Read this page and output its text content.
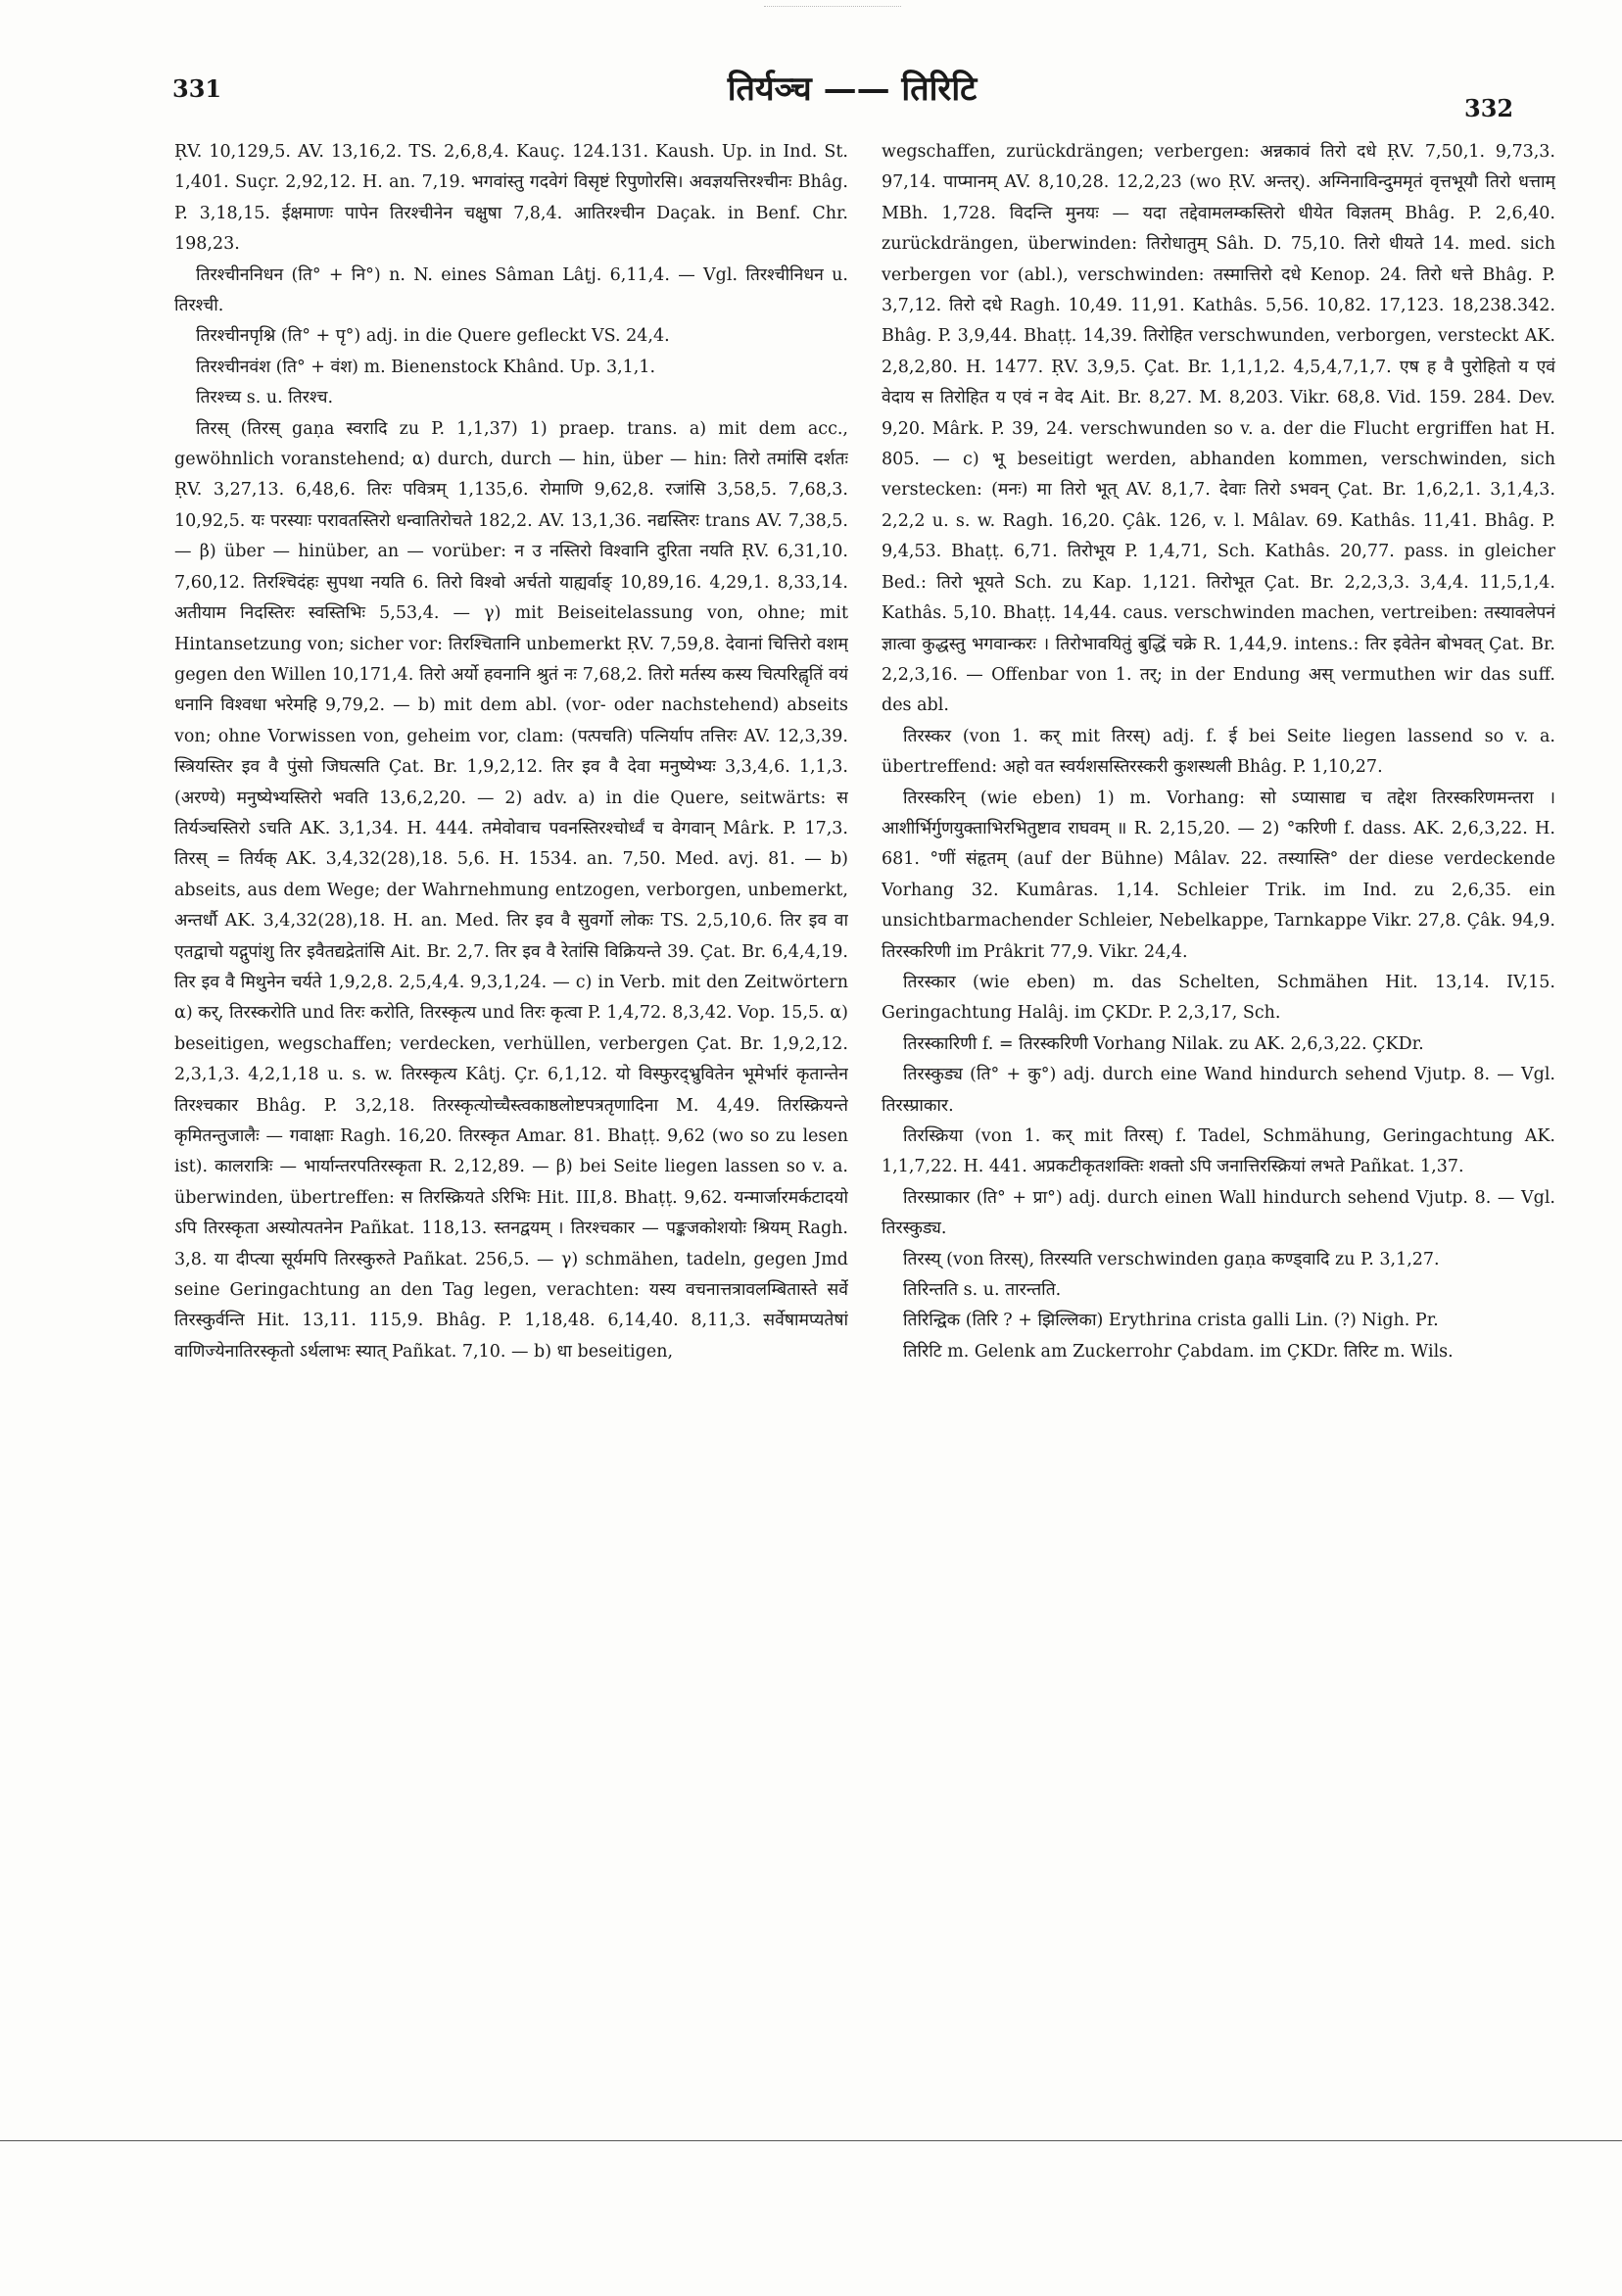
331	तिर्यञ्च —— तिरिटि	332

ṚV. 10,129,5. AV. 13,16,2. TS. 2,6,8,4. Kauç. 124.131. Kaush. Up. in Ind. St. 1,401. Suçr. 2,92,12. H. an. 7,19. भगवांस्तु गदवेगं विसृष्टं रिपुणोरसि। अवज्ञयत्तिरश्चीनः Bhâg. P. 3,18,15. ईक्षमाणः पापेन तिरश्चीनेन चक्षुषा 7,8,4. आतिरश्चीन Daçak. in Benf. Chr. 198,23.

तिरश्चीननिधन (ति° + नि°) n. N. eines Sâman Lâṭj. 6,11,4. — Vgl. तिरश्चीनिधन u. तिरश्ची.

तिरश्चीनपृश्नि (ति° + पृ°) adj. in die Quere gefleckt VS. 24,4.

तिरश्चीनवंश (ति° + वंश) m. Bienenstock Khând. Up. 3,1,1.

तिरश्च्य s. u. तिरश्च.

तिरस् (तिरस् gaṇa स्वरादि zu P. 1,1,37) 1) praep. trans. a) mit dem acc., gewöhnlich voranstehend; α) durch, durch — hin, über — hin: तिरो तमांसि दर्शतः ṚV. 3,27,13. 6,48,6. तिरः पवित्रम् 1,135,6. रोमाणि 9,62,8. रजांसि 3,58,5. 7,68,3. 10,92,5. यः परस्याः परावतस्तिरो धन्वातिरोचते 182,2. AV. 13,1,36. नद्यस्तिरः trans AV. 7,38,5. — β) über — hinüber, an — vorüber: न उ नस्तिरो विश्वानि दुरिता नयति ṚV. 6,31,10. 7,60,12. तिरश्चिदंहः सुपथा नयति 6. तिरो विश्वो अर्चतो याह्यर्वाङ् 10,89,16. 4,29,1. 8,33,14. अतीयाम निदस्तिरः स्वस्तिभिः 5,53,4. — γ) mit Beiseitelassung von, ohne; mit Hintansetzung von; sicher vor: तिरश्चितानि unbemerkt ṚV. 7,59,8. देवानां चित्तिरो वशम् gegen den Willen 10,171,4. तिरो अर्यो हवनानि श्रुतं नः 7,68,2. तिरो मर्तस्य कस्य चित्परिह्वृतिं वयं धनानि विश्वधा भरेमहि 9,79,2. — b) mit dem abl. (vor- oder nachstehend) abseits von; ohne Vorwissen von, geheim vor, clam: (पत्पचति) पत्निर्याप तत्तिरः AV. 12,3,39. स्त्रियस्तिर इव वै पुंसो जिघत्सति Çat. Br. 1,9,2,12. तिर इव वै देवा मनुष्येभ्यः 3,3,4,6. 1,1,3. (अरण्ये) मनुष्येभ्यस्तिरो भवति 13,6,2,20. — 2) adv. a) in die Quere, seitwärts: स तिर्यञ्चस्तिरो ऽचति AK. 3,1,34. H. 444. तमेवोवाच पवनस्तिरश्चोर्ध्वं च वेगवान् Mârk. P. 17,3. तिरस् = तिर्यक् AK. 3,4,32(28),18. 5,6. H. 1534. an. 7,50. Med. avj. 81. — b) abseits, aus dem Wege; der Wahrnehmung entzogen, verborgen, unbemerkt, अन्तर्धौ AK. 3,4,32(28),18. H. an. Med. तिर इव वै सुवर्गो लोकः TS. 2,5,10,6. तिर इव वा एतद्वाचो यद्गुपांशु तिर इवैतद्यद्रेतांसि Ait. Br. 2,7. तिर इव वै रेतांसि विक्रियन्ते 39. Çat. Br. 6,4,4,19. तिर इव वै मिथुनेन चर्यते 1,9,2,8. 2,5,4,4. 9,3,1,24. — c) in Verb. mit den Zeitwörtern α) कर्, तिरस्करोति und तिरः करोति, तिरस्कृत्य und तिरः कृत्वा P. 1,4,72. 8,3,42. Vop. 15,5. α) beseitigen, wegschaffen; verdecken, verhüllen, verbergen Çat. Br. 1,9,2,12. 2,3,1,3. 4,2,1,18 u. s. w. तिरस्कृत्य Kâtj. Çr. 6,1,12. यो विस्फुरद्भ्रुवितेन भूमेर्भारं कृतान्तेन तिरश्चकार Bhâg. P. 3,2,18. तिरस्कृत्योच्चैस्त्वकाष्ठलोष्टपत्रतृणादिना M. 4,49. तिरस्क्रियन्ते कृमितन्तुजालैः — गवाक्षाः Ragh. 16,20. तिरस्कृत Amar. 81. Bhaṭṭ. 9,62 (wo so zu lesen ist). कालरात्रिः — भार्यान्तरपतिरस्कृता R. 2,12,89. — β) bei Seite liegen lassen so v. a. überwinden, übertreffen: स तिरस्क्रियते ऽरिभिः Hit. III,8. Bhaṭṭ. 9,62. यन्मार्जारमर्कटादयो ऽपि तिरस्कृता अस्योत्पतनेन Pañkat. 118,13. स्तनद्वयम् । तिरश्चकार — पङ्कजकोशयोः श्रियम् Ragh. 3,8. या दीप्त्या सूर्यमपि तिरस्कुरुते Pañkat. 256,5. — γ) schmähen, tadeln, gegen Jmd seine Geringachtung an den Tag legen, verachten: यस्य वचनात्तत्रावलम्बितास्ते सर्वे तिरस्कुर्वन्ति Hit. 13,11. 115,9. Bhâg. P. 1,18,48. 6,14,40. 8,11,3. सर्वेषामप्यतेषां वाणिज्येनातिरस्कृतो ऽर्थलाभः स्यात् Pañkat. 7,10. — b) धा beseitigen,

wegschaffen, zurückdrängen; verbergen: अन्नकावं तिरो दधे ṚV. 7,50,1. 9,73,3. 97,14. पाप्मानम् AV. 8,10,28. 12,2,23 (wo ṚV. अन्तर्). अग्निनाविन्दुममृतं वृत्तभूयौ तिरो धत्ताम् MBh. 1,728. विदन्ति मुनयः — यदा तद्देवामलम्कस्तिरो धीयेत विज्ञतम् Bhâg. P. 2,6,40. zurückdrängen, überwinden: तिरोधातुम् Sâh. D. 75,10. तिरो धीयते 14. med. sich verbergen vor (abl.), verschwinden: तस्मात्तिरो दधे Kenop. 24. तिरो धत्ते Bhâg. P. 3,7,12. तिरो दधे Ragh. 10,49. 11,91. Kathâs. 5,56. 10,82. 17,123. 18,238.342. Bhâg. P. 3,9,44. Bhaṭṭ. 14,39. तिरोहित verschwunden, verborgen, versteckt AK. 2,8,2,80. H. 1477. ṚV. 3,9,5. Çat. Br. 1,1,1,2. 4,5,4,7,1,7. एष ह वै पुरोहितो य एवं वेदाय स तिरोहित य एवं न वेद Ait. Br. 8,27. M. 8,203. Vikr. 68,8. Vid. 159. 284. Dev. 9,20. Mârk. P. 39, 24. verschwunden so v. a. der die Flucht ergriffen hat H. 805. — c) भू beseitigt werden, abhanden kommen, verschwinden, sich verstecken: (मनः) मा तिरो भूत् AV. 8,1,7. देवाः तिरो ऽभवन् Çat. Br. 1,6,2,1. 3,1,4,3. 2,2,2 u. s. w. Ragh. 16,20. Çâk. 126, v. l. Mâlav. 69. Kathâs. 11,41. Bhâg. P. 9,4,53. Bhaṭṭ. 6,71. तिरोभूय P. 1,4,71, Sch. Kathâs. 20,77. pass. in gleicher Bed.: तिरो भूयते Sch. zu Kap. 1,121. तिरोभूत Çat. Br. 2,2,3,3. 3,4,4. 11,5,1,4. Kathâs. 5,10. Bhaṭṭ. 14,44. caus. verschwinden machen, vertreiben: तस्यावलेपनं ज्ञात्वा कुद्धस्तु भगवान्करः । तिरोभावयितुं बुद्धिं चक्रे R. 1,44,9. intens.: तिर इवेतेन बोभवत् Çat. Br. 2,2,3,16. — Offenbar von 1. तर्; in der Endung अस् vermuthen wir das suff. des abl.

तिरस्कर (von 1. कर् mit तिरस्) adj. f. ई bei Seite liegen lassend so v. a. übertreffend: अहो वत स्वर्यशसस्तिरस्करी कुशस्थली Bhâg. P. 1,10,27.

तिरस्करिन् (wie eben) 1) m. Vorhang: सो ऽप्यासाद्य च तद्देश तिरस्करिणमन्तरा । आशीर्भिर्गुणयुक्ताभिरभितुष्टाव राघवम् ॥ R. 2,15,20. — 2) °करिणी f. dass. AK. 2,6,3,22. H. 681. °णीं संहृतम् (auf der Bühne) Mâlav. 22. तस्यास्ति° der diese verdeckende Vorhang 32. Kumâras. 1,14. Schleier Trik. im Ind. zu 2,6,35. ein unsichtbarmachender Schleier, Nebelkappe, Tarnkappe Vikr. 27,8. Çâk. 94,9. तिरस्करिणी im Prâkrit 77,9. Vikr. 24,4.

तिरस्कार (wie eben) m. das Schelten, Schmähen Hit. 13,14. IV,15. Geringachtung Halâj. im ÇKDr. P. 2,3,17, Sch.

तिरस्कारिणी f. = तिरस्करिणी Vorhang Nilak. zu AK. 2,6,3,22. ÇKDr.

तिरस्कुड्य (ति° + कु°) adj. durch eine Wand hindurch sehend Vjutp. 8. — Vgl. तिरस्प्राकार.

तिरस्क्रिया (von 1. कर् mit तिरस्) f. Tadel, Schmähung, Geringachtung AK. 1,1,7,22. H. 441. अप्रकटीकृतशक्तिः शक्तो ऽपि जनात्तिरस्क्रियां लभते Pañkat. 1,37.

तिरस्प्राकार (ति° + प्रा°) adj. durch einen Wall hindurch sehend Vjutp. 8. — Vgl. तिरस्कुड्य.

तिरस्य् (von तिरस्), तिरस्यति verschwinden gaṇa कण्ड्वादि zu P. 3,1,27.

तिरिन्तति s. u. तारन्तति.

तिरिन्द्विक (तिरि ? + झिल्लिका) Erythrina crista galli Lin. (?) Nigh. Pr.

तिरिटि m. Gelenk am Zuckerrohr Çabdam. im ÇKDr. तिरिट m. Wils.
